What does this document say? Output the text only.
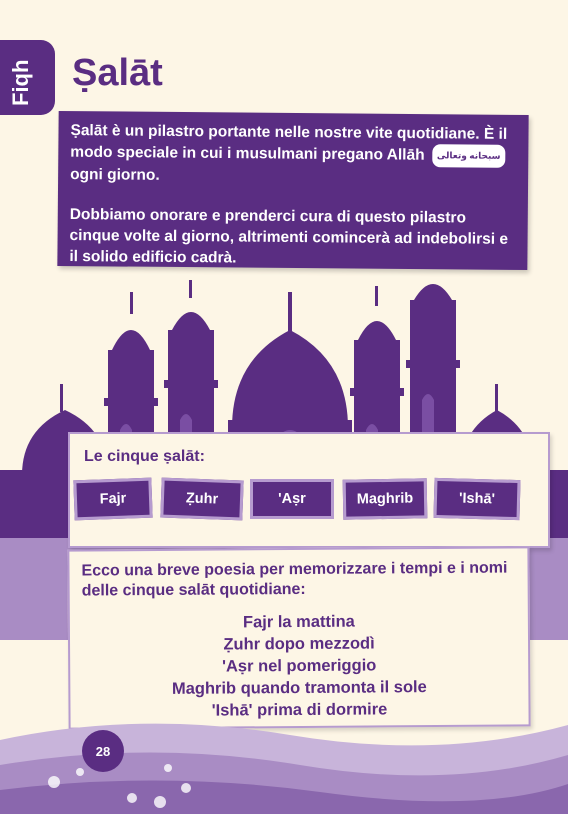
Fiqh Ṣalāt

Ṣalāt è un pilastro portante nelle nostre vite quotidiane. È il modo speciale in cui i musulmani pregano Allāh سبحانه وتعالى ogni giorno.

Dobbiamo onorare e prenderci cura di questo pilastro cinque volte al giorno, altrimenti comincerà ad indebolirsi e il solido edificio cadrà.

Le cinque ṣalāt:
Fajr	Ẓuhr	'Aṣr	Maghrib	'Ishā'

Ecco una breve poesia per memorizzare i tempi e i nomi delle cinque salāt quotidiane:

Fajr la mattina
Ẓuhr dopo mezzodì
'Aṣr nel pomeriggio
Maghrib quando tramonta il sole
'Ishā' prima di dormire
28
